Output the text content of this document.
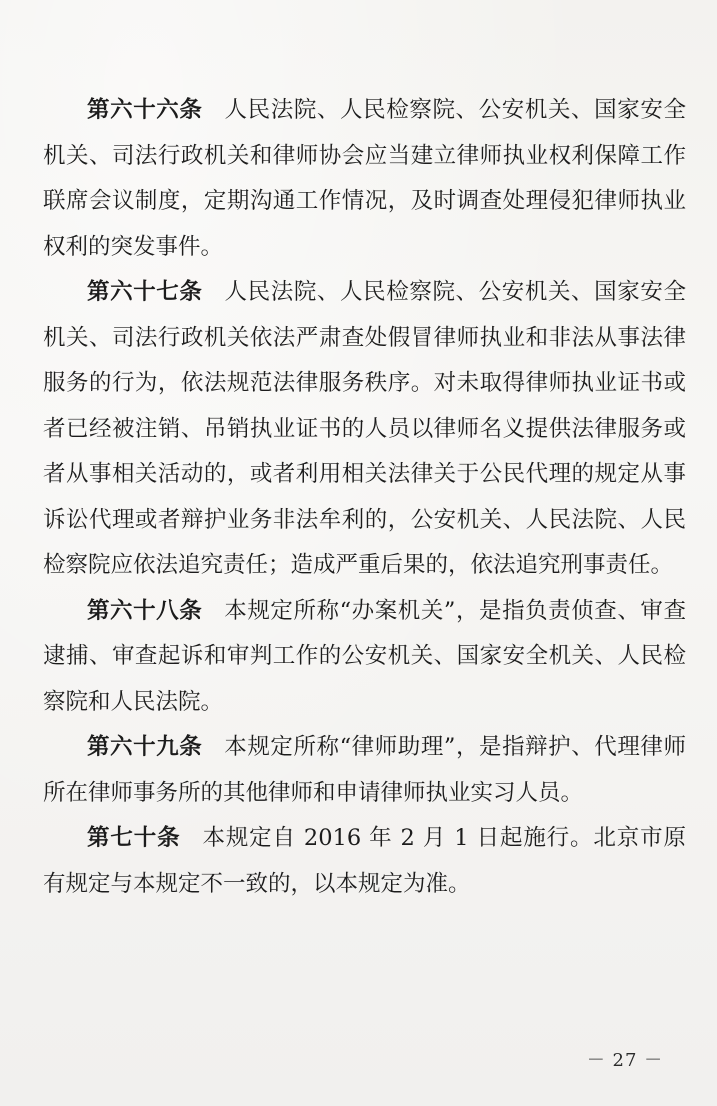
第六十六条 人民法院、人民检察院、公安机关、国家安全机关、司法行政机关和律师协会应当建立律师执业权利保障工作联席会议制度，定期沟通工作情况，及时调查处理侵犯律师执业权利的突发事件。

第六十七条 人民法院、人民检察院、公安机关、国家安全机关、司法行政机关依法严肃查处假冒律师执业和非法从事法律服务的行为，依法规范法律服务秩序。对未取得律师执业证书或者已经被注销、吊销执业证书的人员以律师名义提供法律服务或者从事相关活动的，或者利用相关法律关于公民代理的规定从事诉讼代理或者辩护业务非法牟利的，公安机关、人民法院、人民检察院应依法追究责任；造成严重后果的，依法追究刑事责任。

第六十八条 本规定所称“办案机关”，是指负责侦查、审查逮捕、审查起诉和审判工作的公安机关、国家安全机关、人民检察院和人民法院。

第六十九条 本规定所称“律师助理”，是指辩护、代理律师所在律师事务所的其他律师和申请律师执业实习人员。

第七十条 本规定自 2016 年 2 月 1 日起施行。北京市原有规定与本规定不一致的，以本规定为准。

－ 27 －
